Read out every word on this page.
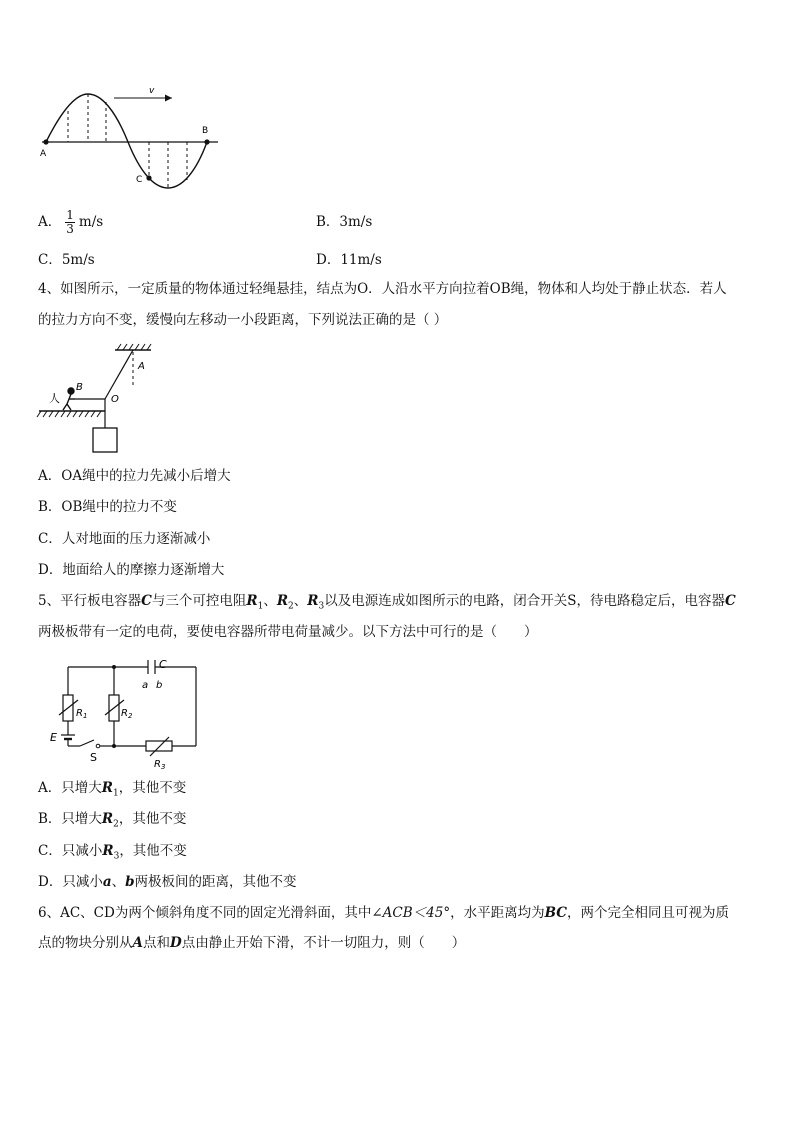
v
A
B
C
A． $\frac{1}{3} m/s$	B．3m/s
C．5m/s	D．11m/s
4、如图所示，一定质量的物体通过轻绳悬挂，结点为O．人沿水平方向拉着OB绳，物体和人均处于静止状态．若人
的拉力方向不变，缓慢向左移动一小段距离，下列说法正确的是（ ）
人
B
O
A
A．OA绳中的拉力先减小后增大
B．OB绳中的拉力不变
C．人对地面的压力逐渐减小
D．地面给人的摩擦力逐渐增大
5、平行板电容器C与三个可控电阻$R_1$、$R_2$、$R_3$以及电源连成如图所示的电路，闭合开关S，待电路稳定后，电容器C
两极板带有一定的电荷，要使电容器所带电荷量减少。以下方法中可行的是（　　）
C
a b
$R_1$	$R_2$
$R_3$
E
S
A．只增大$R_1$，其他不变
B．只增大$R_2$，其他不变
C．只减小$R_3$，其他不变
D．只减小a、b两极板间的距离，其他不变
6、AC、CD为两个倾斜角度不同的固定光滑斜面，其中∠ACB＜45°，水平距离均为BC，两个完全相同且可视为质
点的物块分别从A点和D点由静止开始下滑，不计一切阻力，则（　　）
